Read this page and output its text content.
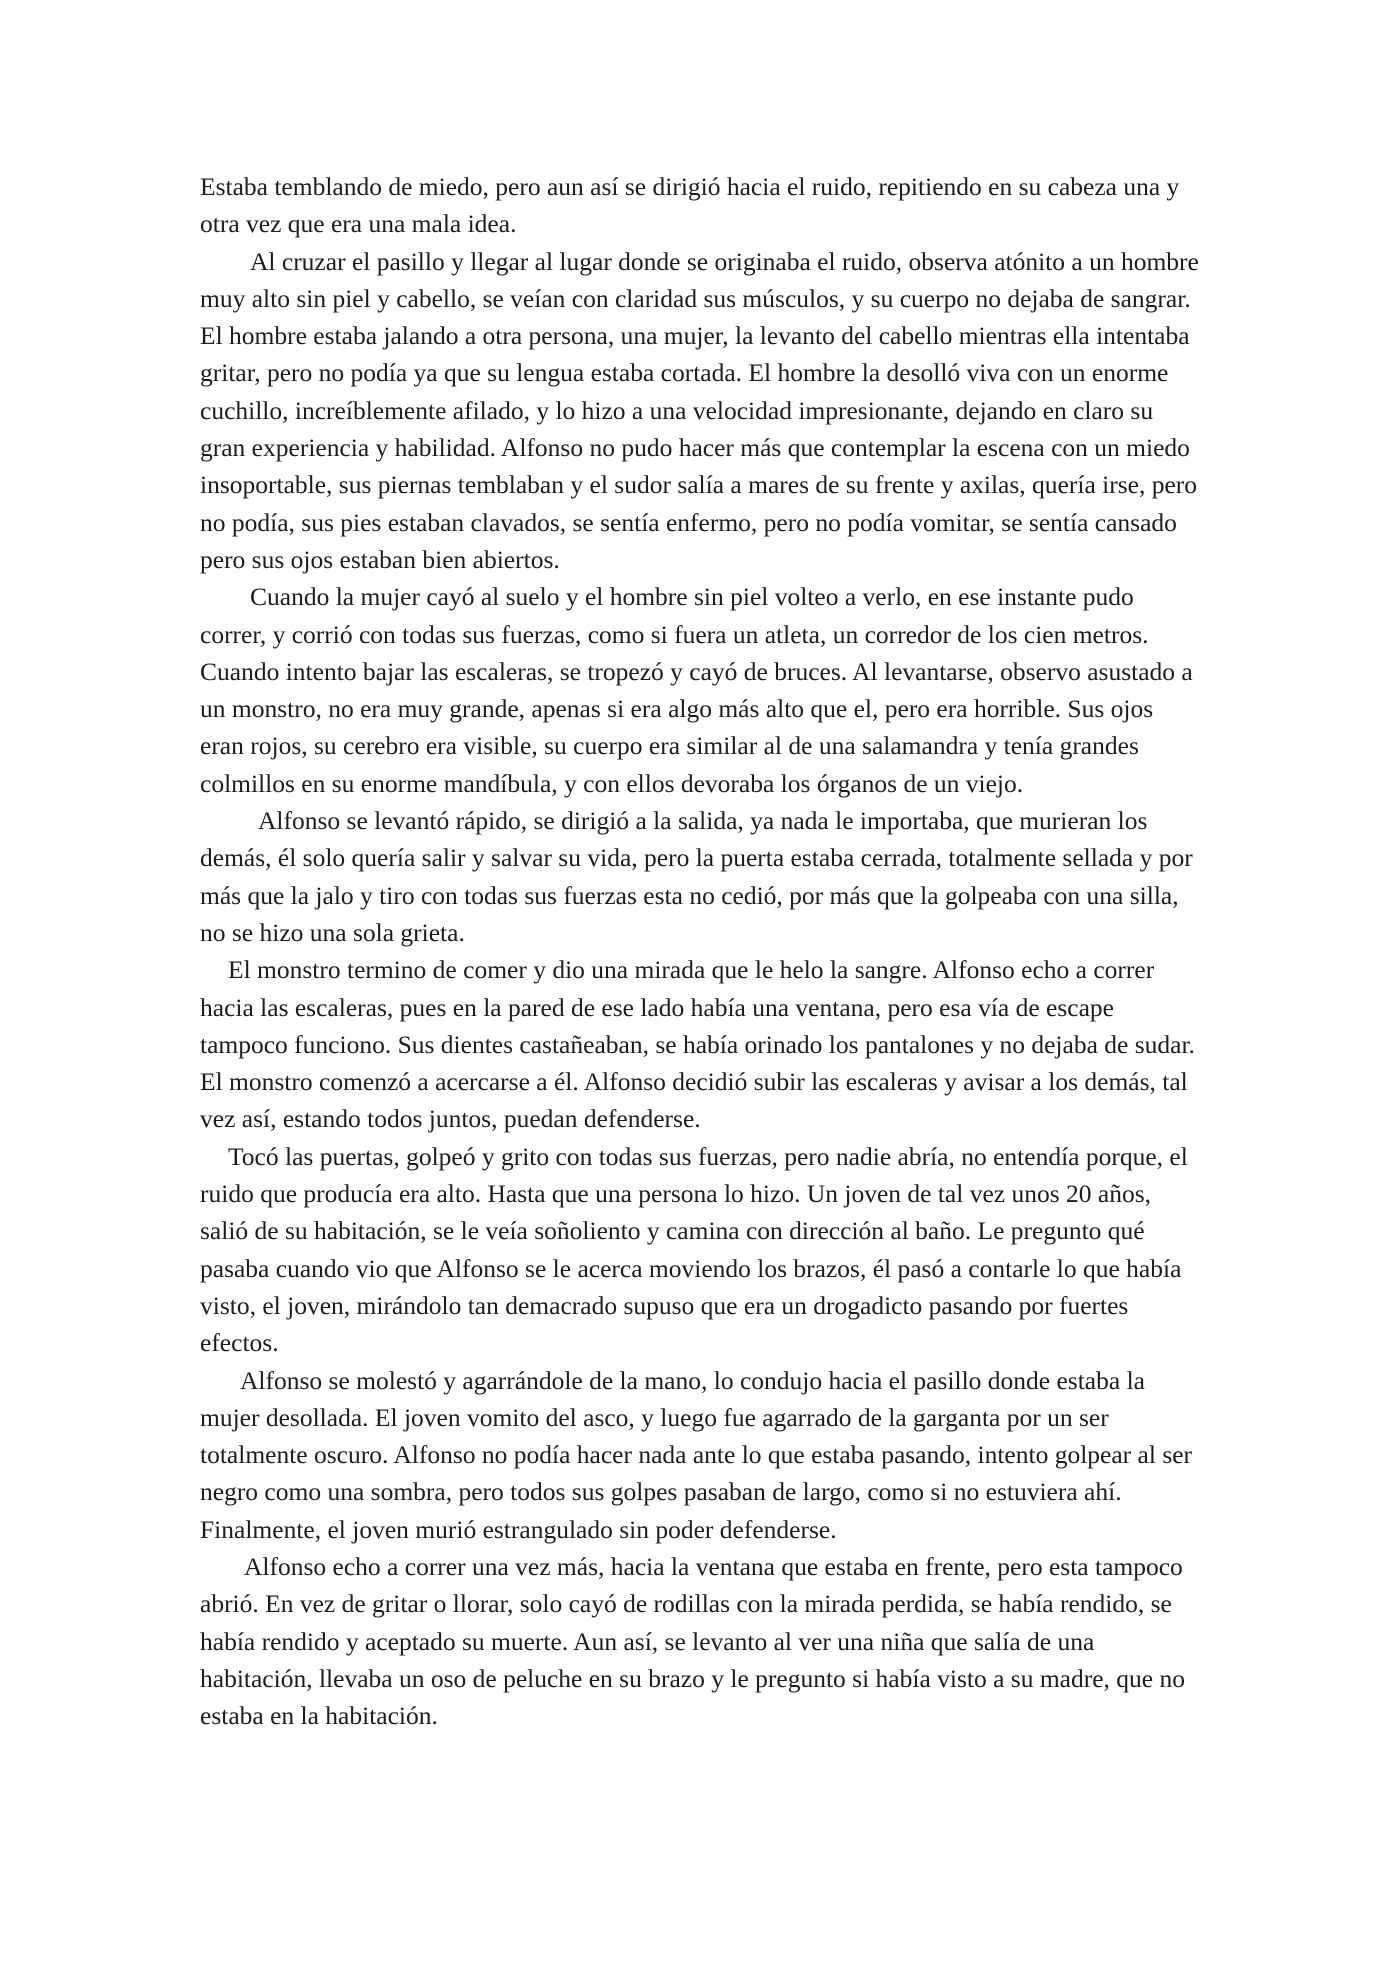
Estaba temblando de miedo, pero aun así se dirigió hacia el ruido, repitiendo en su cabeza una y otra vez que era una mala idea.

Al cruzar el pasillo y llegar al lugar donde se originaba el ruido, observa atónito a un hombre muy alto sin piel y cabello, se veían con claridad sus músculos, y su cuerpo no dejaba de sangrar. El hombre estaba jalando a otra persona, una mujer, la levanto del cabello mientras ella intentaba gritar, pero no podía ya que su lengua estaba cortada. El hombre la desolló viva con un enorme cuchillo, increíblemente afilado, y lo hizo a una velocidad impresionante, dejando en claro su gran experiencia y habilidad. Alfonso no pudo hacer más que contemplar la escena con un miedo insoportable, sus piernas temblaban y el sudor salía a mares de su frente y axilas, quería irse, pero no podía, sus pies estaban clavados, se sentía enfermo, pero no podía vomitar, se sentía cansado pero sus ojos estaban bien abiertos.

Cuando la mujer cayó al suelo y el hombre sin piel volteo a verlo, en ese instante pudo correr, y corrió con todas sus fuerzas, como si fuera un atleta, un corredor de los cien metros. Cuando intento bajar las escaleras, se tropezó y cayó de bruces. Al levantarse, observo asustado a un monstro, no era muy grande, apenas si era algo más alto que el, pero era horrible. Sus ojos eran rojos, su cerebro era visible, su cuerpo era similar al de una salamandra y tenía grandes colmillos en su enorme mandíbula, y con ellos devoraba los órganos de un viejo.

Alfonso se levantó rápido, se dirigió a la salida, ya nada le importaba, que murieran los demás, él solo quería salir y salvar su vida, pero la puerta estaba cerrada, totalmente sellada y por más que la jalo y tiro con todas sus fuerzas esta no cedió, por más que la golpeaba con una silla, no se hizo una sola grieta.

El monstro termino de comer y dio una mirada que le helo la sangre. Alfonso echo a correr hacia las escaleras, pues en la pared de ese lado había una ventana, pero esa vía de escape tampoco funciono. Sus dientes castañeaban, se había orinado los pantalones y no dejaba de sudar. El monstro comenzó a acercarse a él. Alfonso decidió subir las escaleras y avisar a los demás, tal vez así, estando todos juntos, puedan defenderse.

Tocó las puertas, golpeó y grito con todas sus fuerzas, pero nadie abría, no entendía porque, el ruido que producía era alto. Hasta que una persona lo hizo. Un joven de tal vez unos 20 años, salió de su habitación, se le veía soñoliento y camina con dirección al baño. Le pregunto qué pasaba cuando vio que Alfonso se le acerca moviendo los brazos, él pasó a contarle lo que había visto, el joven, mirándolo tan demacrado supuso que era un drogadicto pasando por fuertes efectos.

Alfonso se molestó y agarrándole de la mano, lo condujo hacia el pasillo donde estaba la mujer desollada. El joven vomito del asco, y luego fue agarrado de la garganta por un ser totalmente oscuro. Alfonso no podía hacer nada ante lo que estaba pasando, intento golpear al ser negro como una sombra, pero todos sus golpes pasaban de largo, como si no estuviera ahí. Finalmente, el joven murió estrangulado sin poder defenderse.

Alfonso echo a correr una vez más, hacia la ventana que estaba en frente, pero esta tampoco abrió. En vez de gritar o llorar, solo cayó de rodillas con la mirada perdida, se había rendido, se había rendido y aceptado su muerte. Aun así, se levanto al ver una niña que salía de una habitación, llevaba un oso de peluche en su brazo y le pregunto si había visto a su madre, que no estaba en la habitación.
